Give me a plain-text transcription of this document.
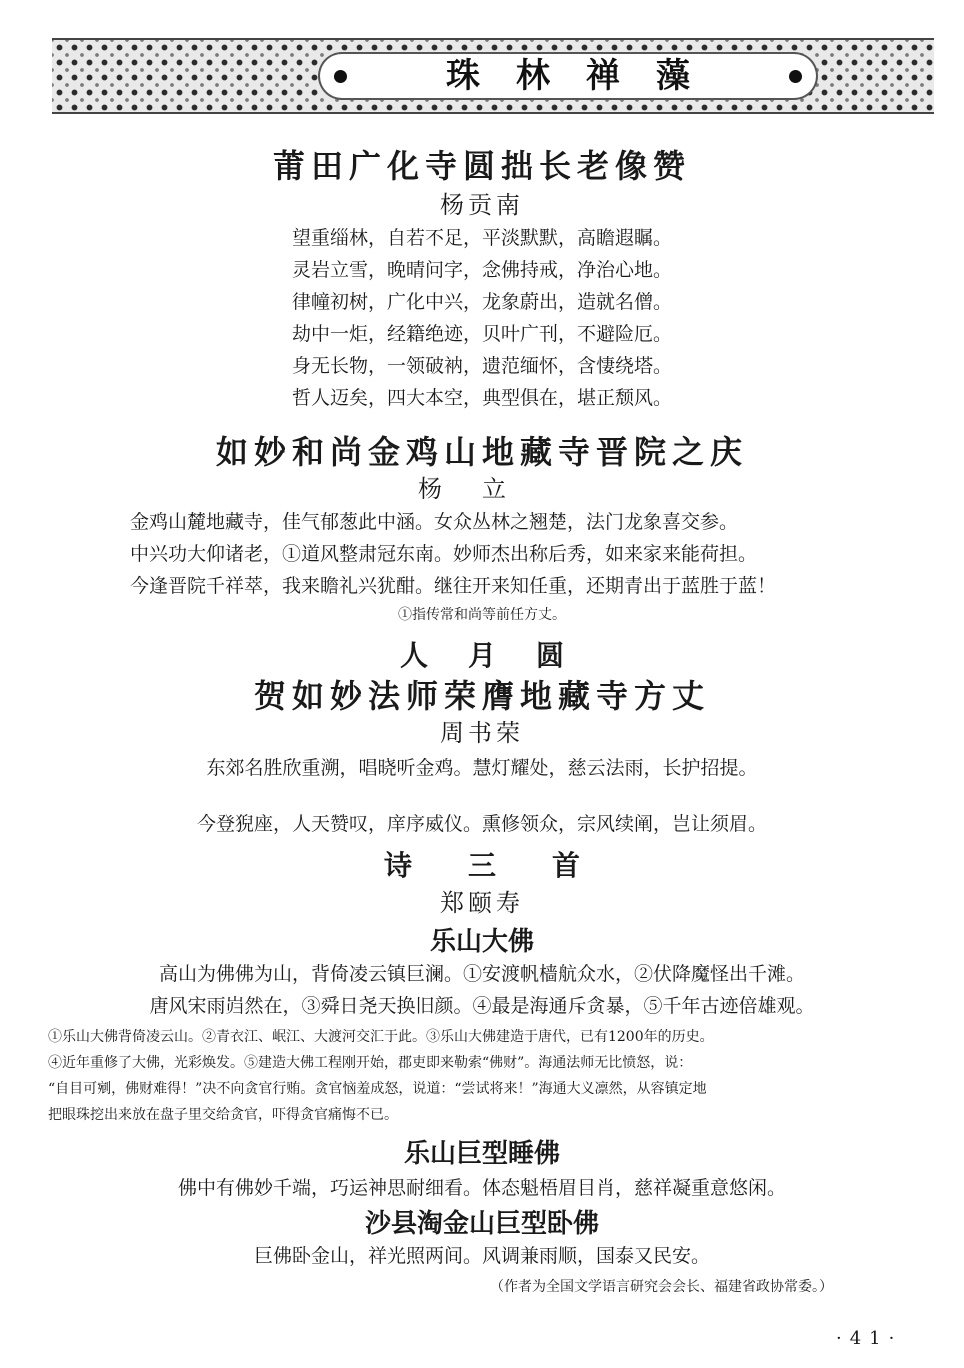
珠林禅藻
莆田广化寺圆拙长老像赞
杨贡南
望重缁林，自若不足，平淡默默，高瞻遐瞩。
灵岩立雪，晚晴问字，念佛持戒，净治心地。
律幢初树，广化中兴，龙象蔚出，造就名僧。
劫中一炬，经籍绝迹，贝叶广刊，不避险厄。
身无长物，一领破衲，遗范缅怀，含悽绕塔。
哲人迈矣，四大本空，典型俱在，堪正颓风。
如妙和尚金鸡山地藏寺晋院之庆
杨立
金鸡山麓地藏寺，佳气郁葱此中涵。女众丛林之翘楚，法门龙象喜交参。
中兴功大仰诸老，①道风整肃冠东南。妙师杰出称后秀，如来家来能荷担。
今逢晋院千祥萃，我来瞻礼兴犹酣。继往开来知任重，还期青出于蓝胜于蓝！
①指传常和尚等前任方丈。
人月圆
贺如妙法师荣膺地藏寺方丈
周书荣
东郊名胜欣重溯，唱晓听金鸡。慧灯耀处，慈云法雨，长护招提。
今登猊座，人天赞叹，庠序威仪。熏修领众，宗风续阐，岂让须眉。
诗三首
郑颐寿
乐山大佛
高山为佛佛为山，背倚凌云镇巨澜。①安渡帆樯航众水，②伏降魔怪出千滩。
唐风宋雨岿然在，③舜日尧天换旧颜。④最是海通斥贪暴，⑤千年古迹倍雄观。
①乐山大佛背倚凌云山。②青衣江、岷江、大渡河交汇于此。③乐山大佛建造于唐代，已有1200年的历史。
④近年重修了大佛，光彩焕发。⑤建造大佛工程刚开始，郡吏即来勒索“佛财”。海通法师无比愤怒，说：
“自目可剜，佛财难得！”决不向贪官行贿。贪官恼羞成怒，说道：“尝试将来！”海通大义凛然，从容镇定地
把眼珠挖出来放在盘子里交给贪官，吓得贪官痛悔不已。
乐山巨型睡佛
佛中有佛妙千端，巧运神思耐细看。体态魁梧眉目肖，慈祥凝重意悠闲。
沙县淘金山巨型卧佛
巨佛卧金山，祥光照两间。风调兼雨顺，国泰又民安。
（作者为全国文学语言研究会会长、福建省政协常委。）
·41·
